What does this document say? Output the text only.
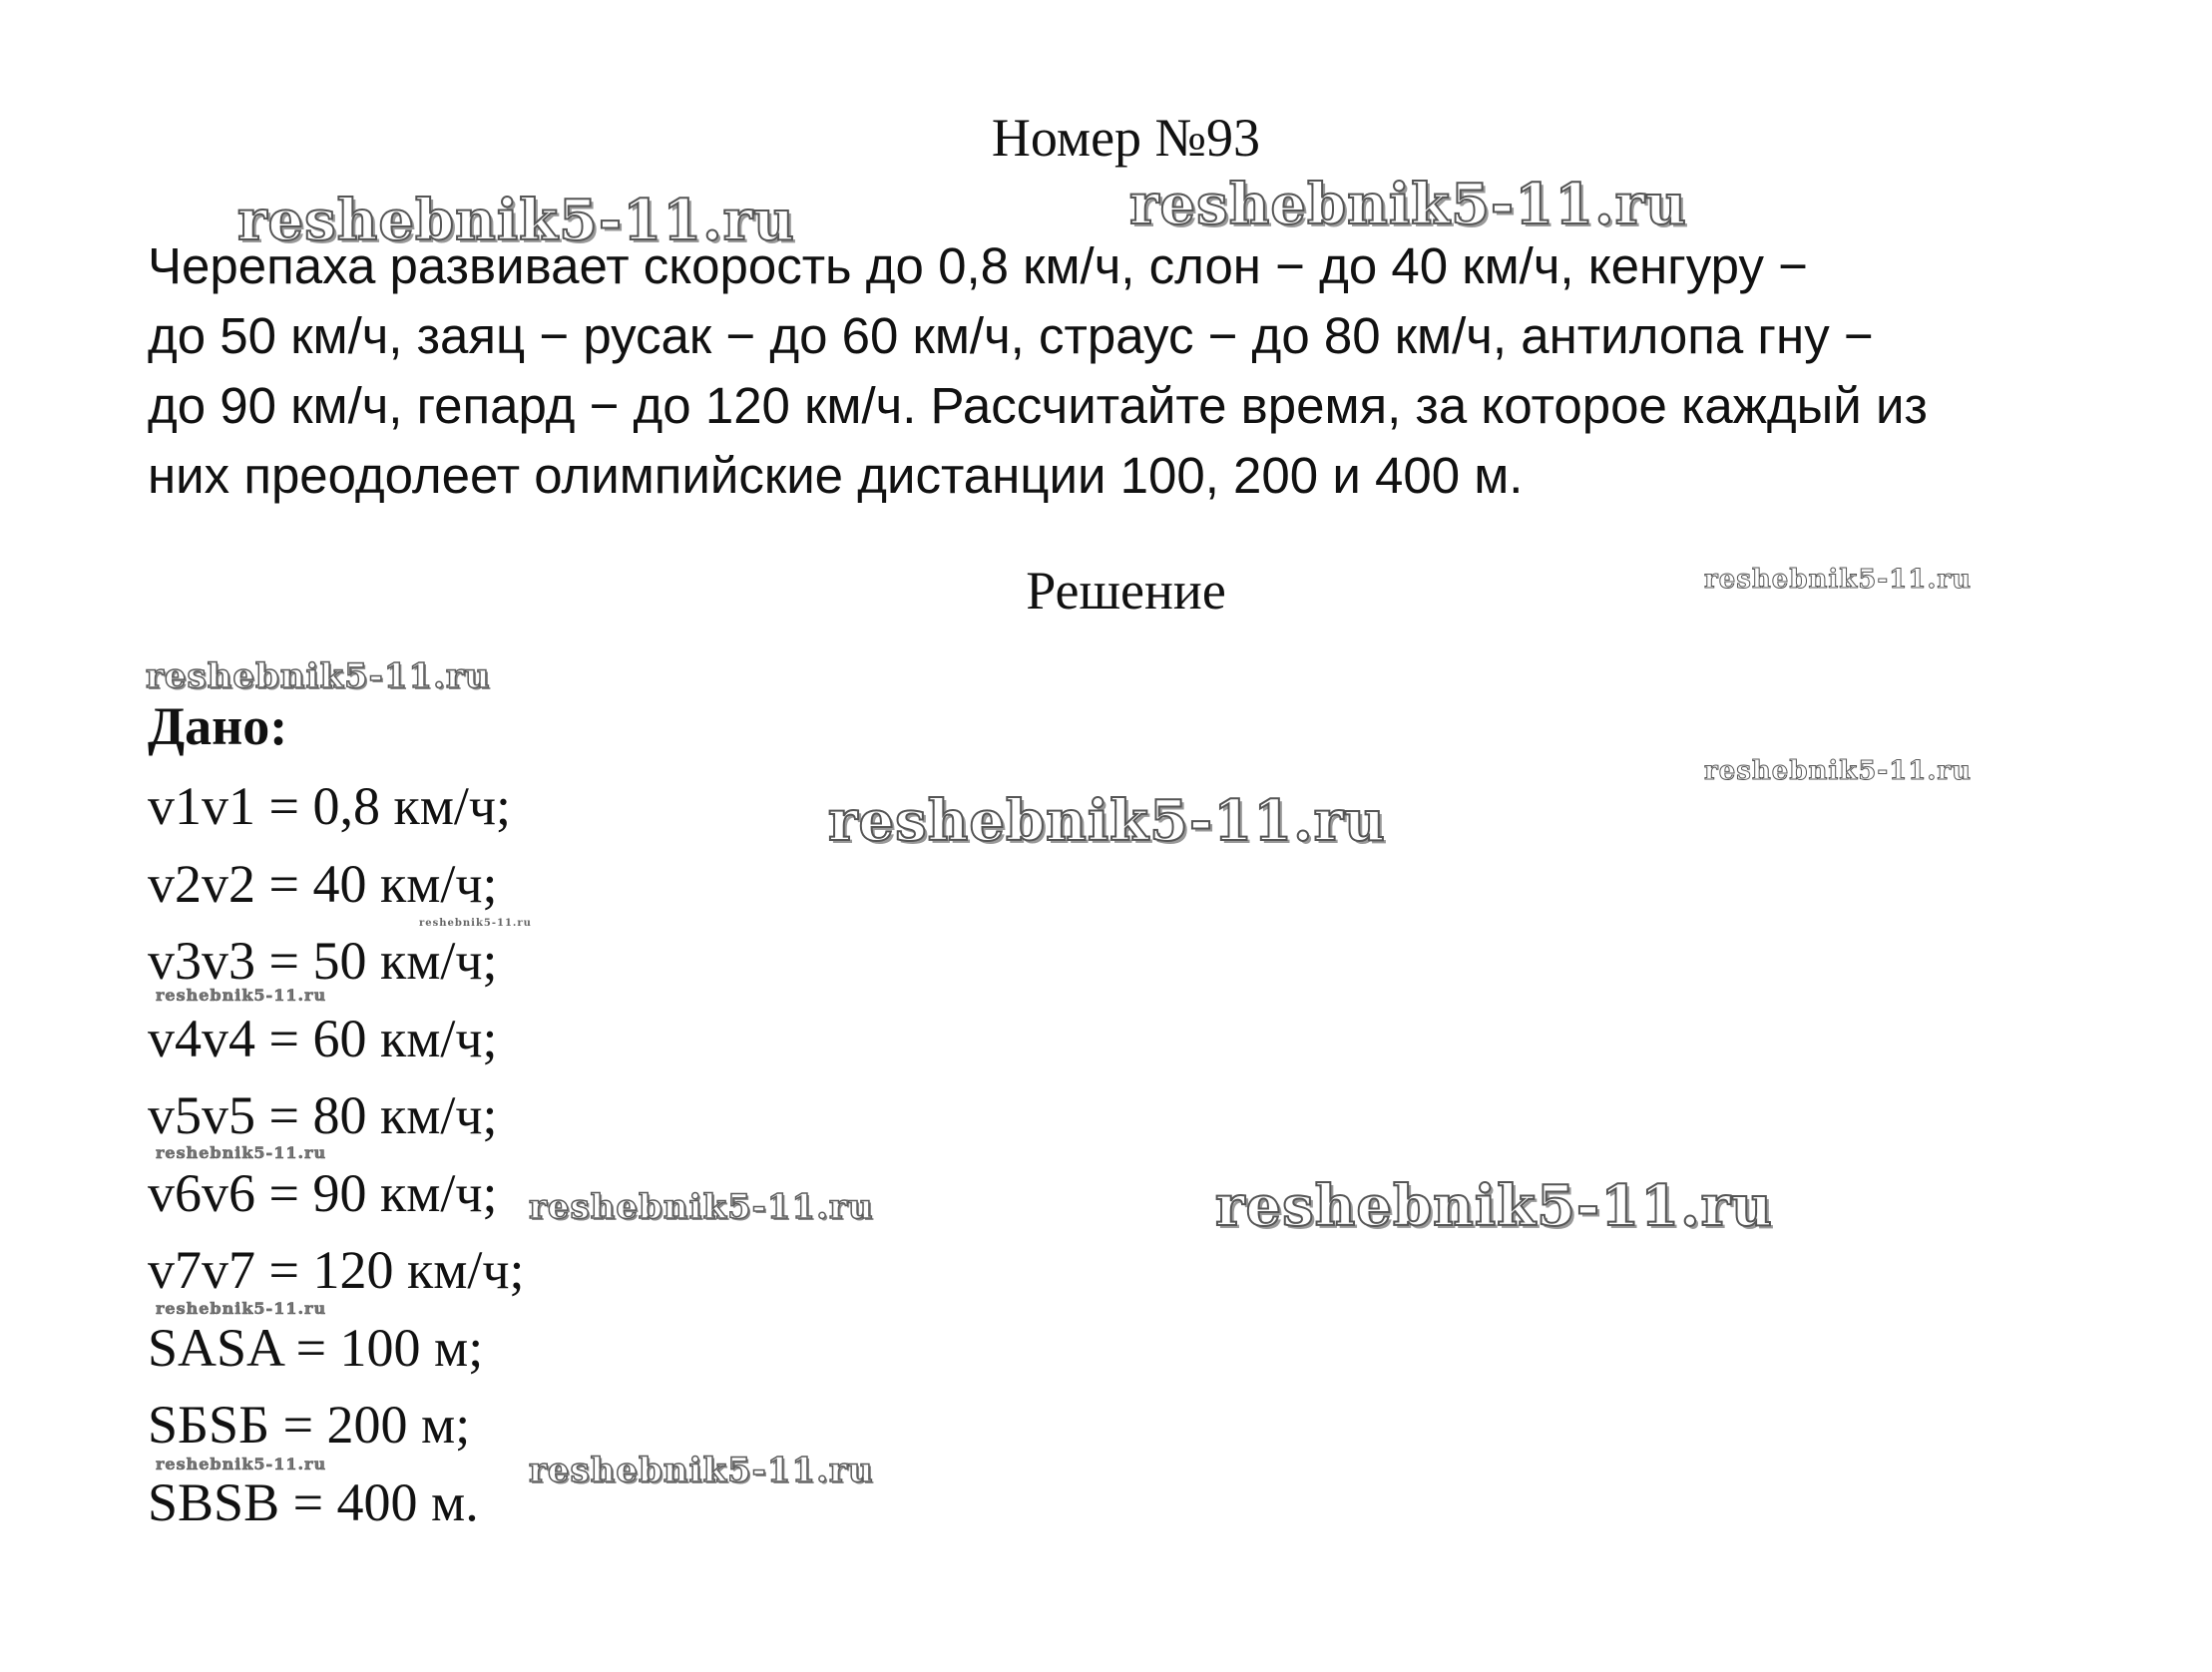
reshebnik5-11.ru	reshebnik5-11.ru
reshebnik5-11.ru
reshebnik5-11.ru
reshebnik5-11.ru
reshebnik5-11.ru
reshebnik5-11.ru
reshebnik5-11.ru
reshebnik5-11.ru
reshebnik5-11.ru	reshebnik5-11.ru
reshebnik5-11.ru
reshebnik5-11.ru	reshebnik5-11.ru
Номер №93
Черепаха развивает скорость до 0,8 км/ч, слон − до 40 км/ч, кенгуру −
до 50 км/ч, заяц − русак − до 60 км/ч, страус − до 80 км/ч, антилопа гну −
до 90 км/ч, гепард − до 120 км/ч. Рассчитайте время, за которое каждый из
них преодолеет олимпийские дистанции 100, 200 и 400 м.
Решение
Дано:
v1v1 = 0,8 км/ч;
v2v2 = 40 км/ч;
v3v3 = 50 км/ч;
v4v4 = 60 км/ч;
v5v5 = 80 км/ч;
v6v6 = 90 км/ч;
v7v7 = 120 км/ч;
SASA = 100 м;
SБSБ = 200 м;
SBSB = 400 м.
